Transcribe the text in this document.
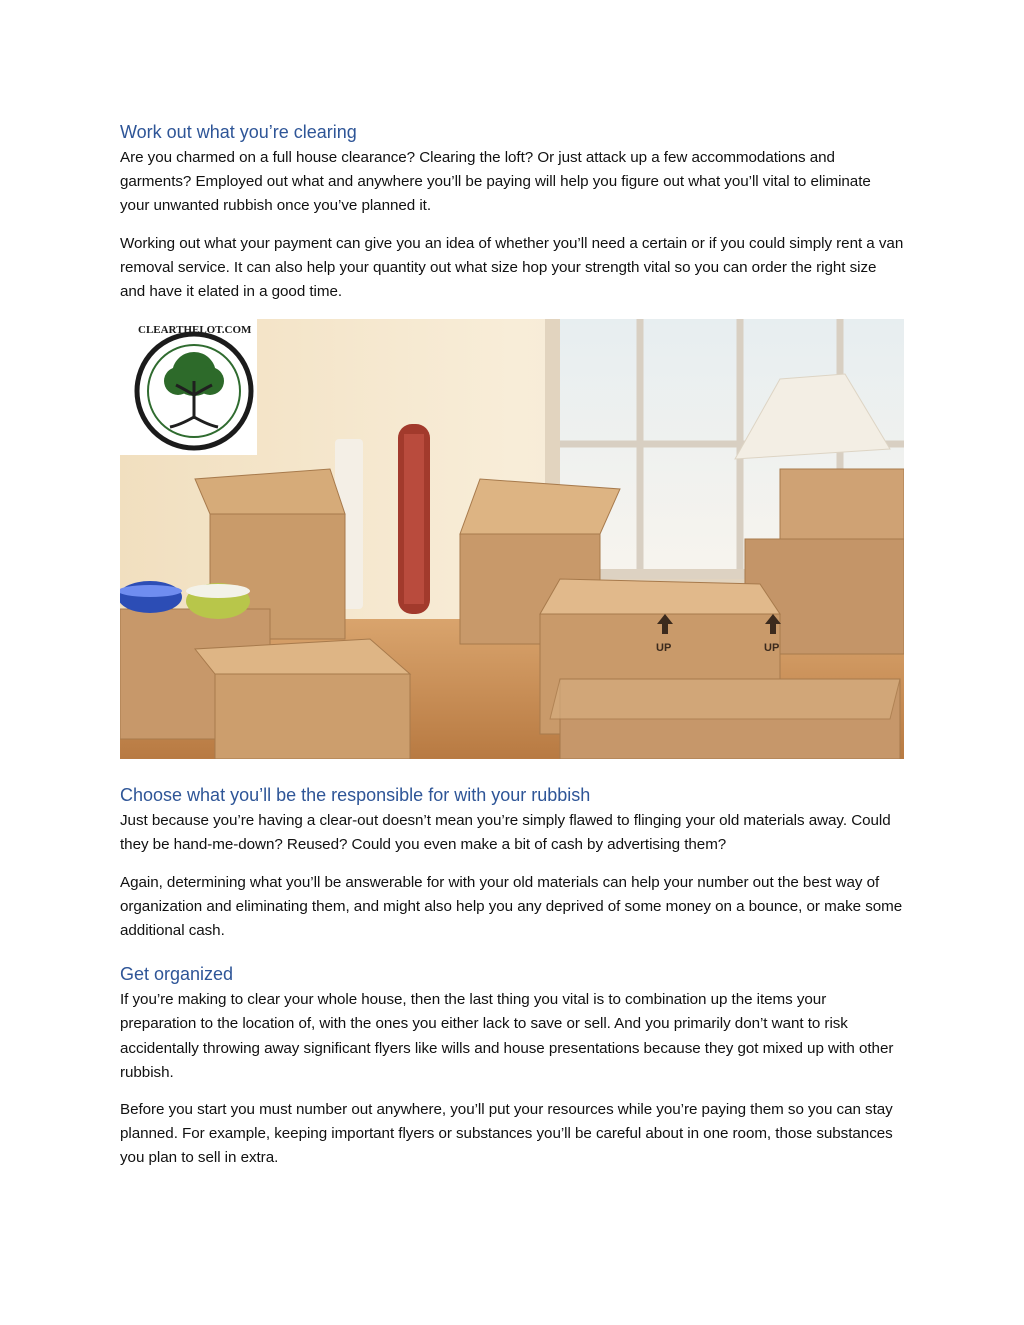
Work out what you’re clearing

Are you charmed on a full house clearance? Clearing the loft? Or just attack up a few accommodations and garments? Employed out what and anywhere you’ll be paying will help you figure out what you’ll vital to eliminate your unwanted rubbish once you’ve planned it.

Working out what your payment can give you an idea of whether you’ll need a certain or if you could simply rent a van removal service. It can also help your quantity out what size hop your strength vital so you can order the right size and have it elated in a good time.

UP	UP
CLEARTHELOT.COM
Choose what you’ll be the responsible for with your rubbish

Just because you’re having a clear-out doesn’t mean you’re simply flawed to flinging your old materials away. Could they be hand-me-down? Reused? Could you even make a bit of cash by advertising them?

Again, determining what you’ll be answerable for with your old materials can help your number out the best way of organization and eliminating them, and might also help you any deprived of some money on a bounce, or make some additional cash.

Get organized

If you’re making to clear your whole house, then the last thing you vital is to combination up the items your preparation to the location of, with the ones you either lack to save or sell. And you primarily don’t want to risk accidentally throwing away significant flyers like wills and house presentations because they got mixed up with other rubbish.

Before you start you must number out anywhere, you’ll put your resources while you’re paying them so you can stay planned. For example, keeping important flyers or substances you’ll be careful about in one room, those substances you plan to sell in extra.
